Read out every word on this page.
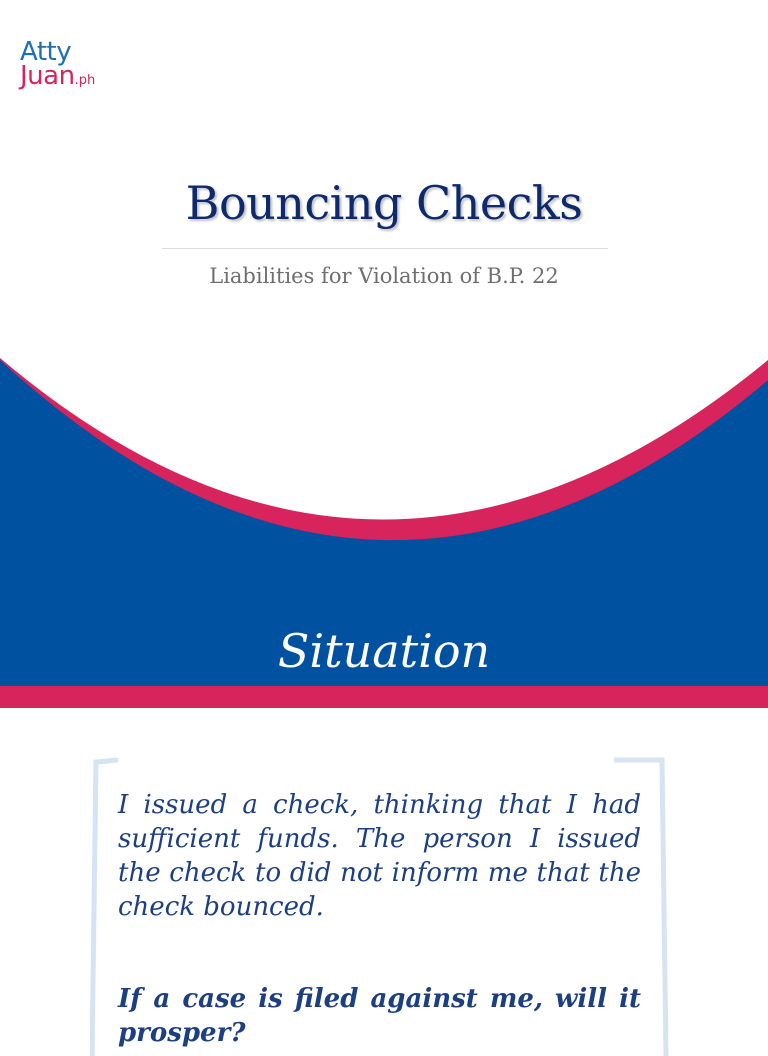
Atty
Juan.ph
Bouncing Checks
Liabilities for Violation of B.P. 22
Situation
I issued a check, thinking that I had sufficient funds. The person I issued the check to did not inform me that the check bounced.
If a case is filed against me, will it prosper?
